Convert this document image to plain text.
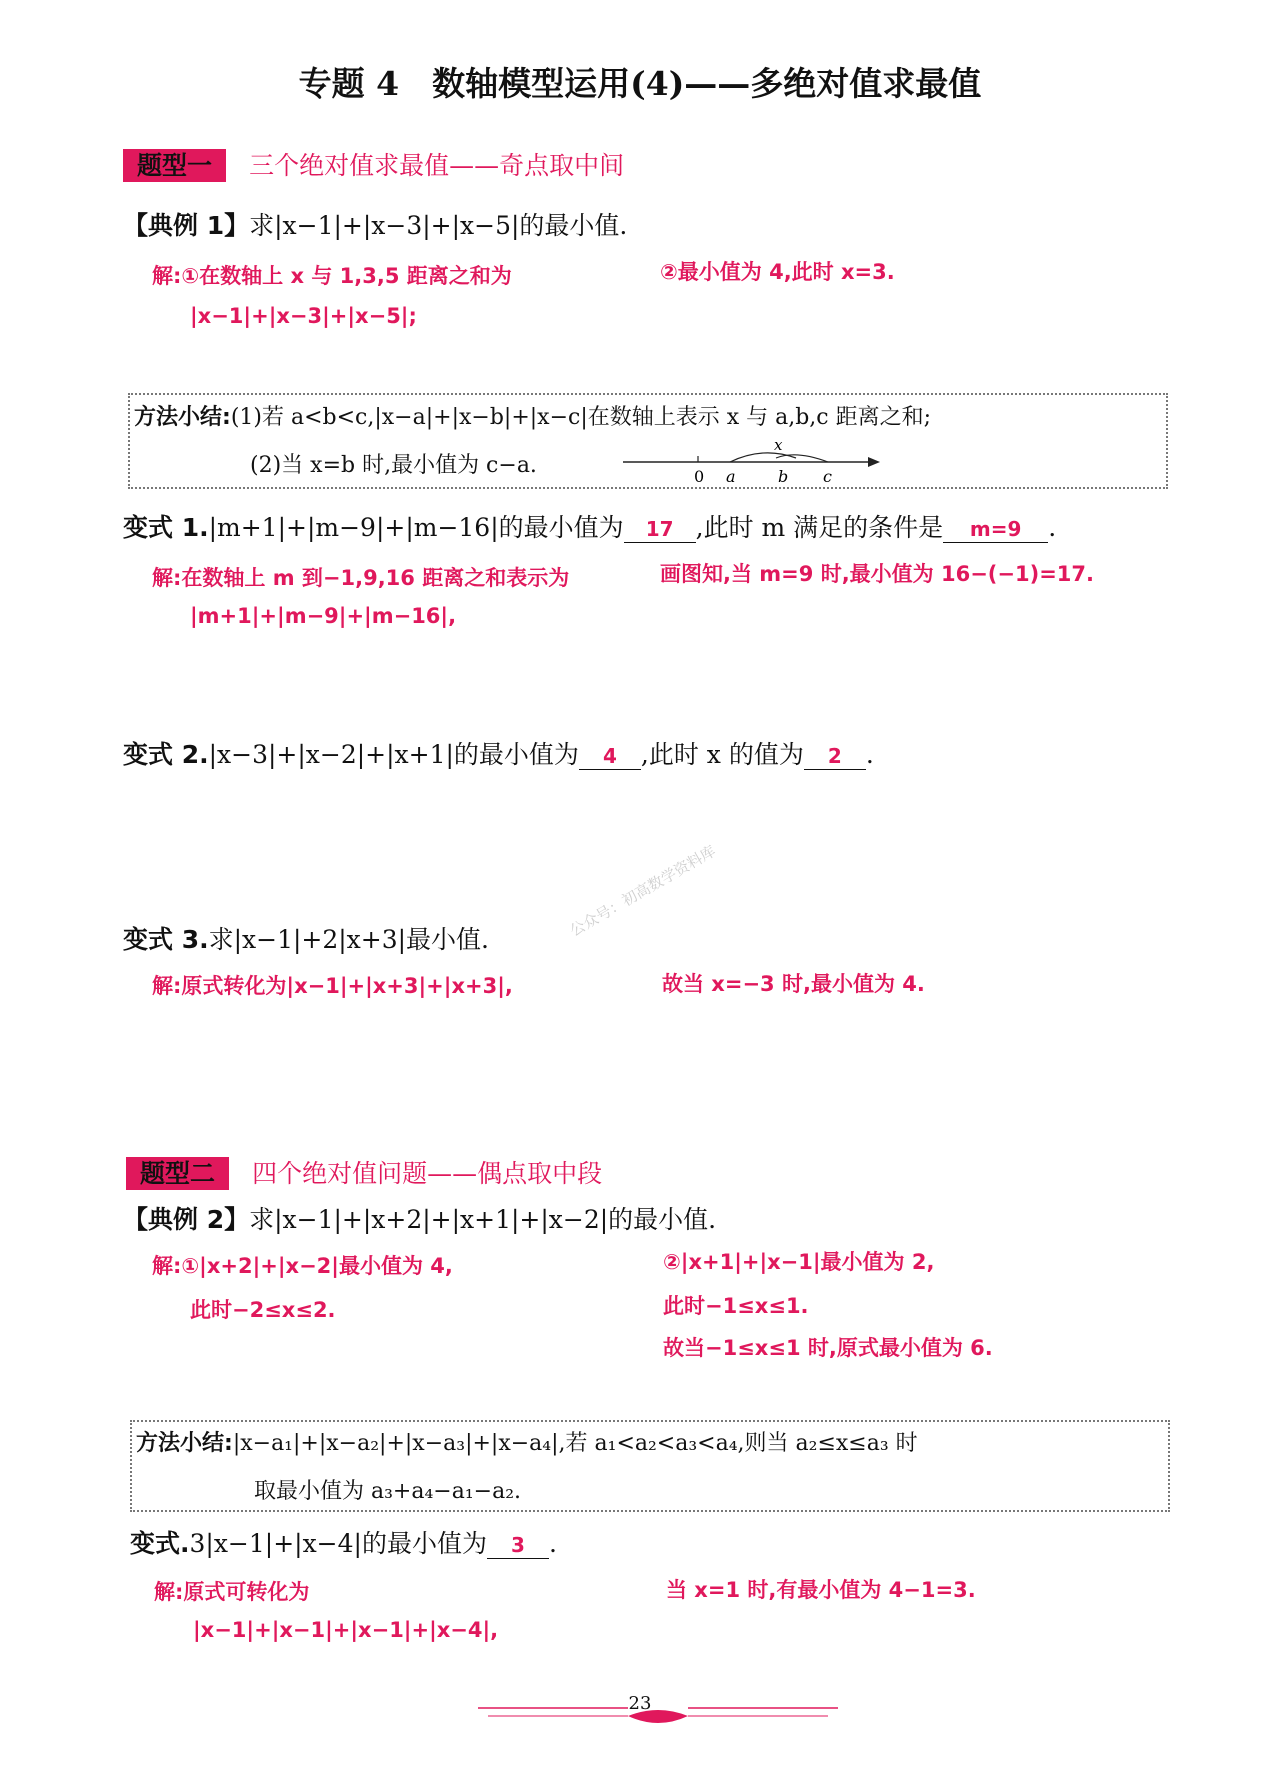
专题 4　数轴模型运用(4)——多绝对值求最值
题型一 三个绝对值求最值——奇点取中间
【典例 1】求|x−1|+|x−3|+|x−5|的最小值.
解:①在数轴上 x 与 1,3,5 距离之和为
|x−1|+|x−3|+|x−5|;
②最小值为 4,此时 x=3.
方法小结:(1)若 a<b<c,|x−a|+|x−b|+|x−c|在数轴上表示 x 与 a,b,c 距离之和;
(2)当 x=b 时,最小值为 c−a.	0 a	b c
x
变式 1.|m+1|+|m−9|+|m−16|的最小值为 17 ,此时 m 满足的条件是 m=9 .
解:在数轴上 m 到−1,9,16 距离之和表示为
|m+1|+|m−9|+|m−16|,
画图知,当 m=9 时,最小值为 16−(−1)=17.
变式 2.|x−3|+|x−2|+|x+1|的最小值为 4 ,此时 x 的值为 2 .
公众号：初高数学资料库
变式 3.求|x−1|+2|x+3|最小值.
解:原式转化为|x−1|+|x+3|+|x+3|,	故当 x=−3 时,最小值为 4.
题型二 四个绝对值问题——偶点取中段
【典例 2】求|x−1|+|x+2|+|x+1|+|x−2|的最小值.
解:①|x+2|+|x−2|最小值为 4,
此时−2≤x≤2.
②|x+1|+|x−1|最小值为 2,
此时−1≤x≤1.
故当−1≤x≤1 时,原式最小值为 6.
方法小结:|x−a₁|+|x−a₂|+|x−a₃|+|x−a₄|,若 a₁<a₂<a₃<a₄,则当 a₂≤x≤a₃ 时
取最小值为 a₃+a₄−a₁−a₂.
变式.3|x−1|+|x−4|的最小值为 3 .
解:原式可转化为
|x−1|+|x−1|+|x−1|+|x−4|,
当 x=1 时,有最小值为 4−1=3.
23
